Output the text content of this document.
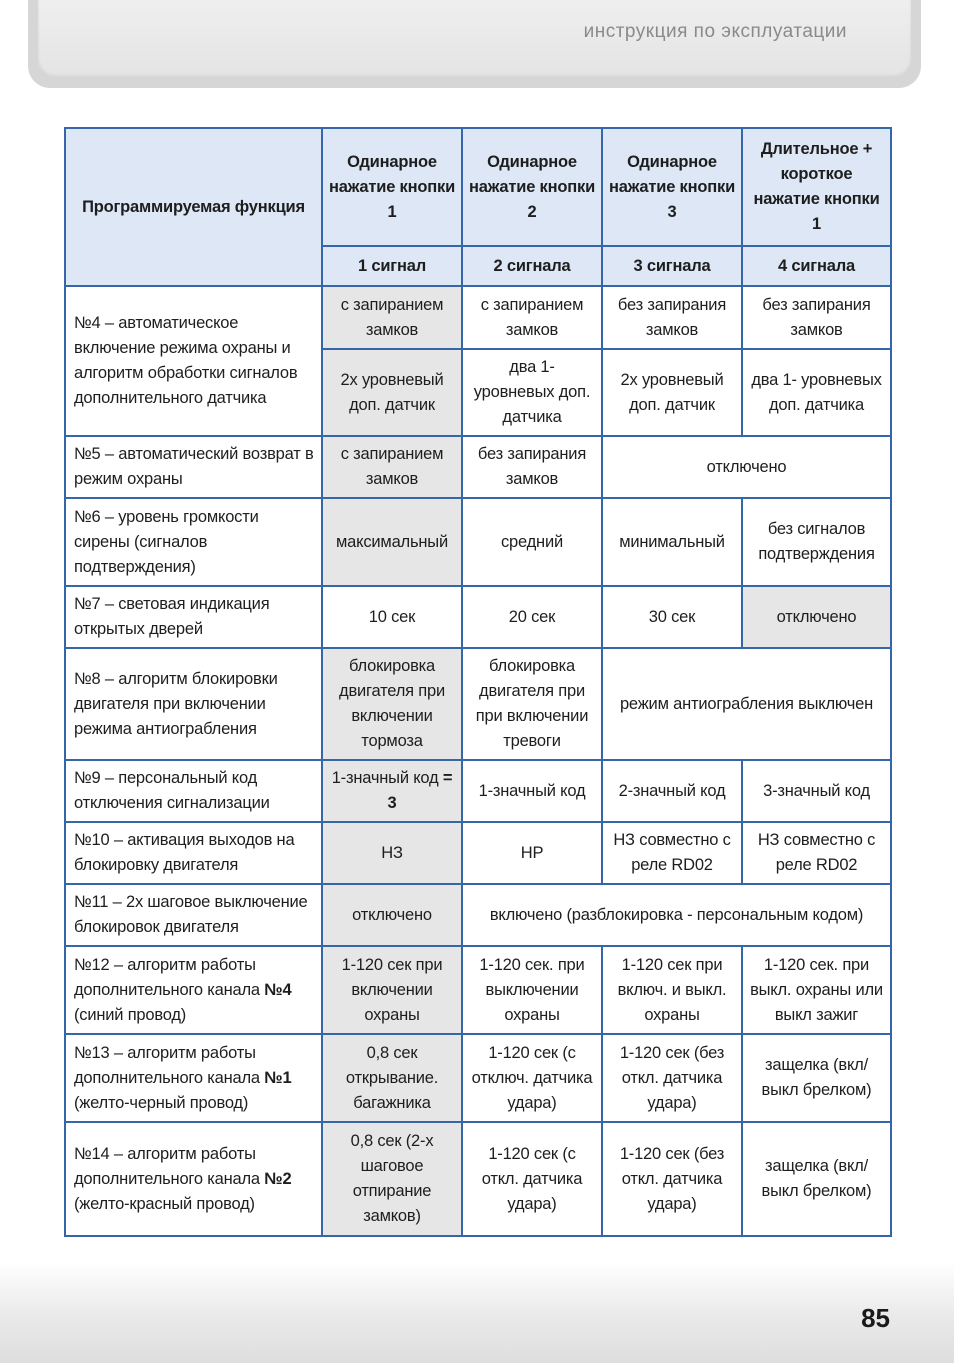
инструкция по эксплуатации
Программируемая функция	Одинарное нажатие кнопки 1	Одинарное нажатие кнопки 2	Одинарное нажатие кнопки 3	Длительное + короткое нажатие кнопки 1
	1 сигнал	2 сигнала	3 сигнала	4 сигнала
№4 – автоматическое включение режима охраны и алгоритм обработки сигналов дополнительного датчика	с запиранием замков	с запиранием замков	без запирания замков	без запирания замков
	2х уровневый доп. датчик	два 1- уровневых доп. датчика	2х уровневый доп. датчик	два 1- уровневых доп. датчика
№5 – автоматический возврат в режим охраны	с запиранием замков	без запирания замков	отключено	
№6 – уровень громкости сирены (сигналов подтверждения)	максимальный	средний	минимальный	без сигналов подтверждения
№7 – световая индикация открытых дверей	10 сек	20 сек	30 сек	отключено
№8 – алгоритм блокировки двигателя при включении режима антиограбления	блокировка двигателя при включении тормоза	блокировка двигателя при при включении тревоги	режим антиограбления выключен	
№9 – персональный код отключения сигнализации	1-значный код = 3	1-значный код	2-значный код	3-значный код
№10 – активация выходов на блокировку двигателя	НЗ	НР	НЗ совместно с реле RD02	НЗ совместно с реле RD02
№11 – 2х шаговое выключение блокировок двигателя	отключено	включено (разблокировка - персональным кодом)		
№12 – алгоритм работы дополнительного канала №4 (синий провод)	1-120 сек при включении охраны	1-120 сек. при выключении охраны	1-120 сек при включ. и выкл. охраны	1-120 сек. при выкл. охраны или выкл зажиг
№13 – алгоритм работы дополнительного канала №1 (желто-черный провод)	0,8 сек открывание. багажника	1-120 сек (с отключ. датчика удара)	1-120 сек (без откл. датчика удара)	защелка (вкл/выкл брелком)
№14 – алгоритм работы дополнительного канала №2 (желто-красный провод)	0,8 сек (2-х шаговое отпирание замков)	1-120 сек (с откл. датчика удара)	1-120 сек (без откл. датчика удара)	защелка (вкл/выкл брелком)
85
